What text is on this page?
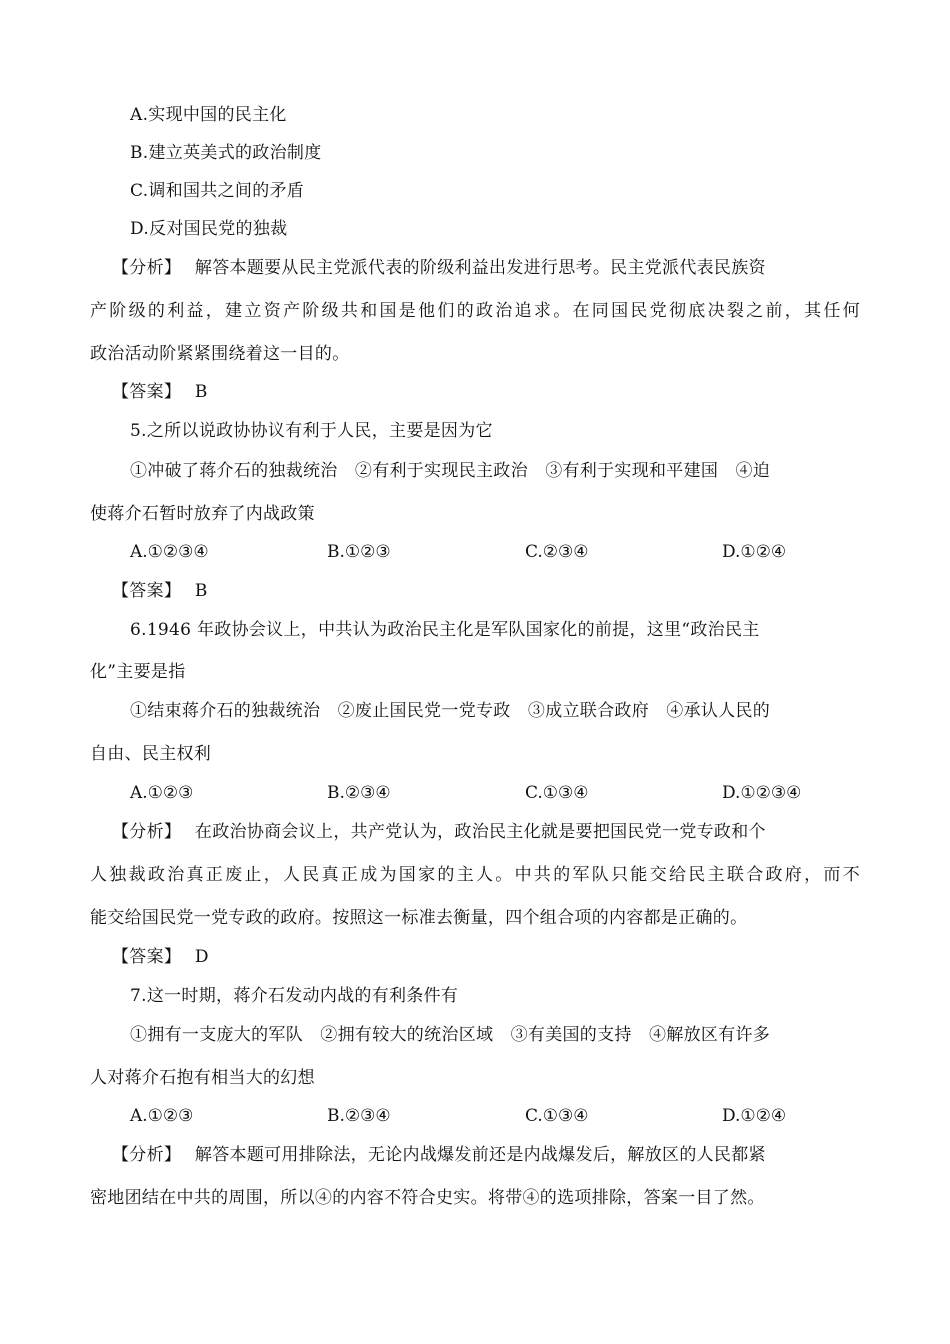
A.实现中国的民主化
B.建立英美式的政治制度
C.调和国共之间的矛盾
D.反对国民党的独裁
【分析】 解答本题要从民主党派代表的阶级利益出发进行思考。民主党派代表民族资
产阶级的利益，建立资产阶级共和国是他们的政治追求。在同国民党彻底决裂之前，其任何
政治活动阶紧紧围绕着这一目的。
【答案】 B
5.之所以说政协协议有利于人民，主要是因为它
①冲破了蒋介石的独裁统治　②有利于实现民主政治　③有利于实现和平建国　④迫
使蒋介石暂时放弃了内战政策
A.①②③④	B.①②③	C.②③④	D.①②④
【答案】 B
6.1946 年政协会议上，中共认为政治民主化是军队国家化的前提，这里“政治民主
化”主要是指
①结束蒋介石的独裁统治　②废止国民党一党专政　③成立联合政府　④承认人民的
自由、民主权利
A.①②③	B.②③④	C.①③④	D.①②③④
【分析】 在政治协商会议上，共产党认为，政治民主化就是要把国民党一党专政和个
人独裁政治真正废止，人民真正成为国家的主人。中共的军队只能交给民主联合政府，而不
能交给国民党一党专政的政府。按照这一标准去衡量，四个组合项的内容都是正确的。
【答案】 D
7.这一时期，蒋介石发动内战的有利条件有
①拥有一支庞大的军队　②拥有较大的统治区域　③有美国的支持　④解放区有许多
人对蒋介石抱有相当大的幻想
A.①②③	B.②③④	C.①③④	D.①②④
【分析】 解答本题可用排除法，无论内战爆发前还是内战爆发后，解放区的人民都紧
密地团结在中共的周围，所以④的内容不符合史实。将带④的选项排除，答案一目了然。
